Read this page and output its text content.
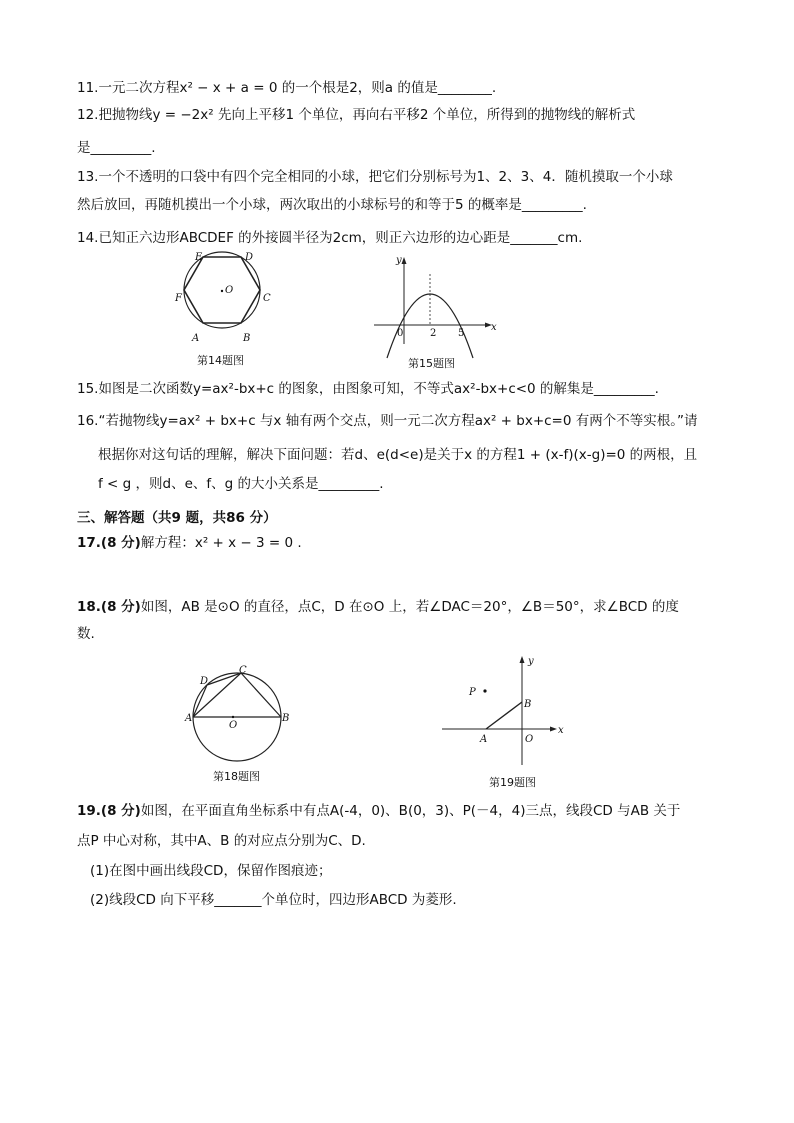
11.一元二次方程x² − x + a = 0 的一个根是2，则a 的值是________.
12.把抛物线y = −2x² 先向上平移1 个单位，再向右平移2 个单位，所得到的抛物线的解析式
是_________.
13.一个不透明的口袋中有四个完全相同的小球，把它们分别标号为1、2、3、4．随机摸取一个小球
然后放回，再随机摸出一个小球，两次取出的小球标号的和等于5 的概率是_________.
14.已知正六边形ABCDEF 的外接圆半径为2cm，则正六边形的边心距是_______cm.
E	D
F	C
O
A	B
第14题图
y
x
0	2 5
第15题图
15.如图是二次函数y=ax²-bx+c 的图象，由图象可知，不等式ax²-bx+c<0 的解集是_________.
16.“若抛物线y=ax² + bx+c 与x 轴有两个交点，则一元二次方程ax² + bx+c=0 有两个不等实根。”请
根据你对这句话的理解，解决下面问题：若d、e(d<e)是关于x 的方程1 + (x-f)(x-g)=0 的两根，且
f < g ，则d、e、f、g 的大小关系是_________.
三、解答题（共9 题，共86 分）
17.(8 分)解方程：x² + x − 3 = 0 .
18.(8 分)如图，AB 是⊙O 的直径，点C，D 在⊙O 上，若∠DAC＝20°，∠B＝50°，求∠BCD 的度
数.
C
D
A	B
O
第18题图
y
x
B
A	O
P
第19题图
19.(8 分)如图，在平面直角坐标系中有点A(-4，0)、B(0，3)、P(－4，4)三点，线段CD 与AB 关于
点P 中心对称，其中A、B 的对应点分别为C、D.
(1)在图中画出线段CD，保留作图痕迹；
(2)线段CD 向下平移_______个单位时，四边形ABCD 为菱形.
